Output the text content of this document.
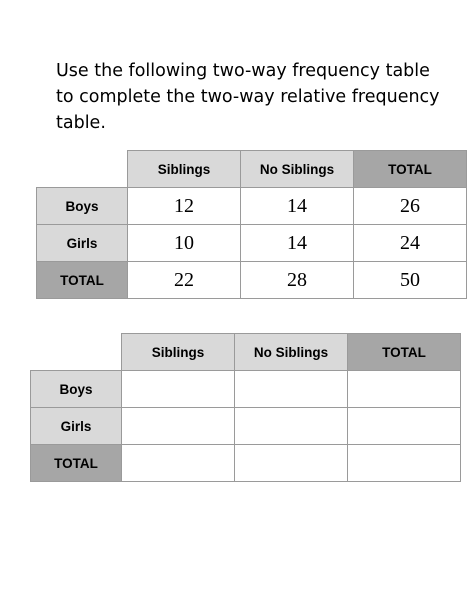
Use the following two-way frequency table
to complete the two-way relative frequency
table.
	Siblings	No Siblings	TOTAL
Boys	12	14	26
Girls	10	14	24
TOTAL	22	28	50
	Siblings	No Siblings	TOTAL
Boys			
Girls			
TOTAL			
